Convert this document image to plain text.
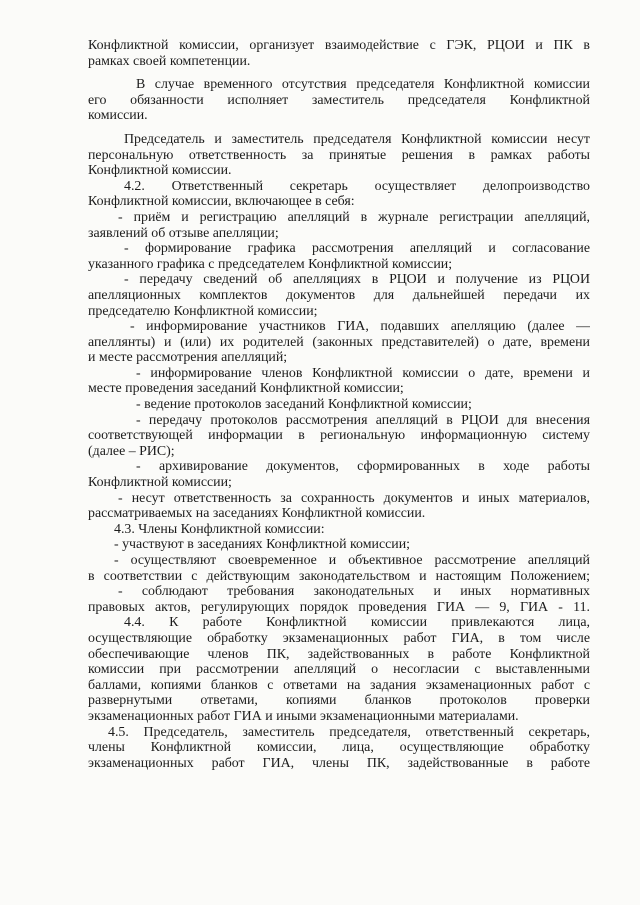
Конфликтной комиссии, организует взаимодействие с ГЭК, РЦОИ и ПК в
рамках своей компетенции.
В случае временного отсутствия председателя Конфликтной комиссии
его обязанности исполняет заместитель председателя Конфликтной
комиссии.
Председатель и заместитель председателя Конфликтной комиссии несут
персональную ответственность за принятые решения в рамках работы
Конфликтной комиссии.
4.2. Ответственный секретарь осуществляет делопроизводство
Конфликтной комиссии, включающее в себя:
- приём и регистрацию апелляций в журнале регистрации апелляций,
заявлений об отзыве апелляции;
- формирование графика рассмотрения апелляций и согласование
указанного графика с председателем Конфликтной комиссии;
- передачу сведений об апелляциях в РЦОИ и получение из РЦОИ
апелляционных комплектов документов для дальнейшей передачи их
председателю Конфликтной комиссии;
- информирование участников ГИА, подавших апелляцию (далее —
апеллянты) и (или) их родителей (законных представителей) о дате, времени
и месте рассмотрения апелляций;
- информирование членов Конфликтной комиссии о дате, времени и
месте проведения заседаний Конфликтной комиссии;
- ведение протоколов заседаний Конфликтной комиссии;
- передачу протоколов рассмотрения апелляций в РЦОИ для внесения
соответствующей информации в региональную информационную систему
(далее – РИС);
- архивирование документов, сформированных в ходе работы
Конфликтной комиссии;
- несут ответственность за сохранность документов и иных материалов,
рассматриваемых на заседаниях Конфликтной комиссии.
4.3. Члены Конфликтной комиссии:
- участвуют в заседаниях Конфликтной комиссии;
- осуществляют своевременное и объективное рассмотрение апелляций
в соответствии с действующим законодательством и настоящим Положением;
- соблюдают требования законодательных и иных нормативных
правовых актов, регулирующих порядок проведения ГИА — 9, ГИА - 11.
4.4. К работе Конфликтной комиссии привлекаются лица,
осуществляющие обработку экзаменационных работ ГИА, в том числе
обеспечивающие членов ПК, задействованных в работе Конфликтной
комиссии при рассмотрении апелляций о несогласии с выставленными
баллами, копиями бланков с ответами на задания экзаменационных работ с
развернутыми ответами, копиями бланков протоколов проверки
экзаменационных работ ГИА и иными экзаменационными материалами.
4.5. Председатель, заместитель председателя, ответственный секретарь,
члены Конфликтной комиссии, лица, осуществляющие обработку
экзаменационных работ ГИА, члены ПК, задействованные в работе
